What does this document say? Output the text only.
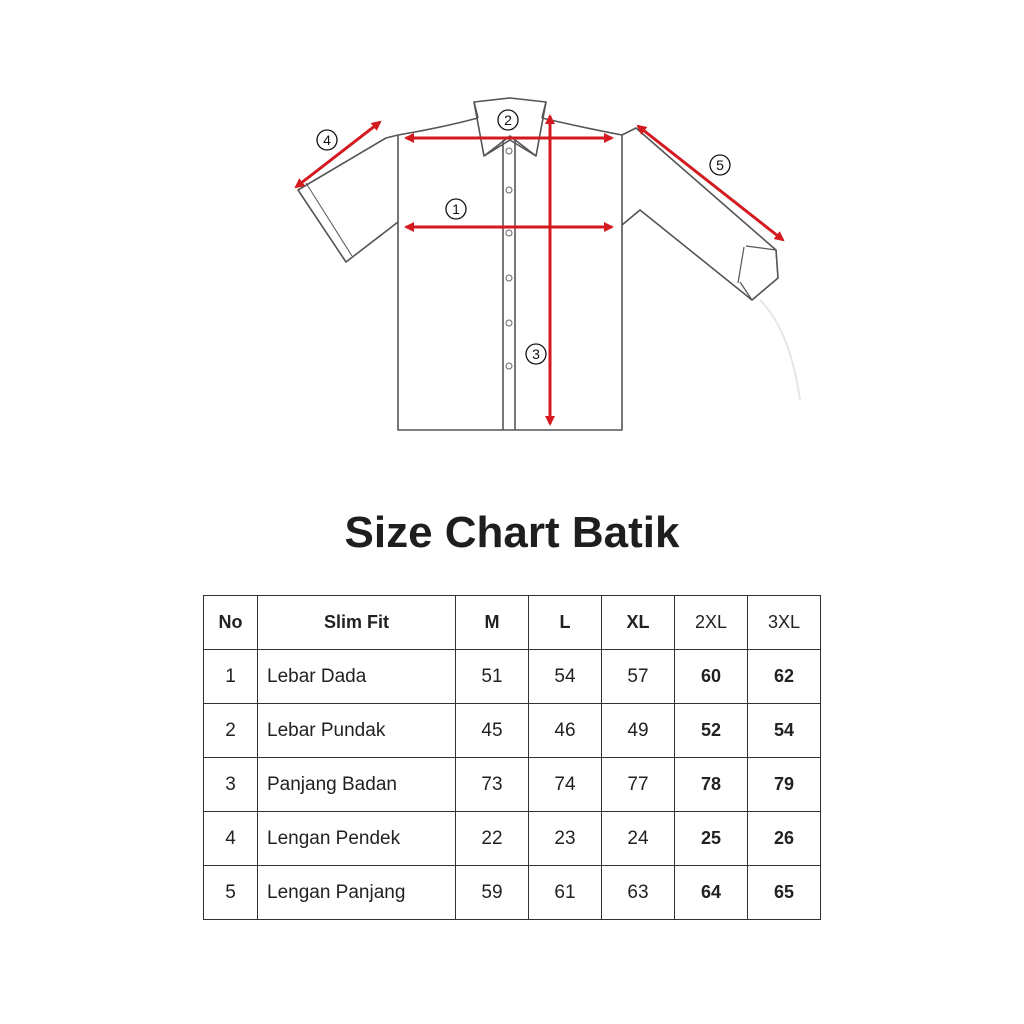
1
2
3
4
5
Size Chart Batik
No	Slim Fit	M	L	XL	2XL	3XL
1	Lebar Dada	51	54	57	60	62
2	Lebar Pundak	45	46	49	52	54
3	Panjang Badan	73	74	77	78	79
4	Lengan Pendek	22	23	24	25	26
5	Lengan Panjang	59	61	63	64	65
